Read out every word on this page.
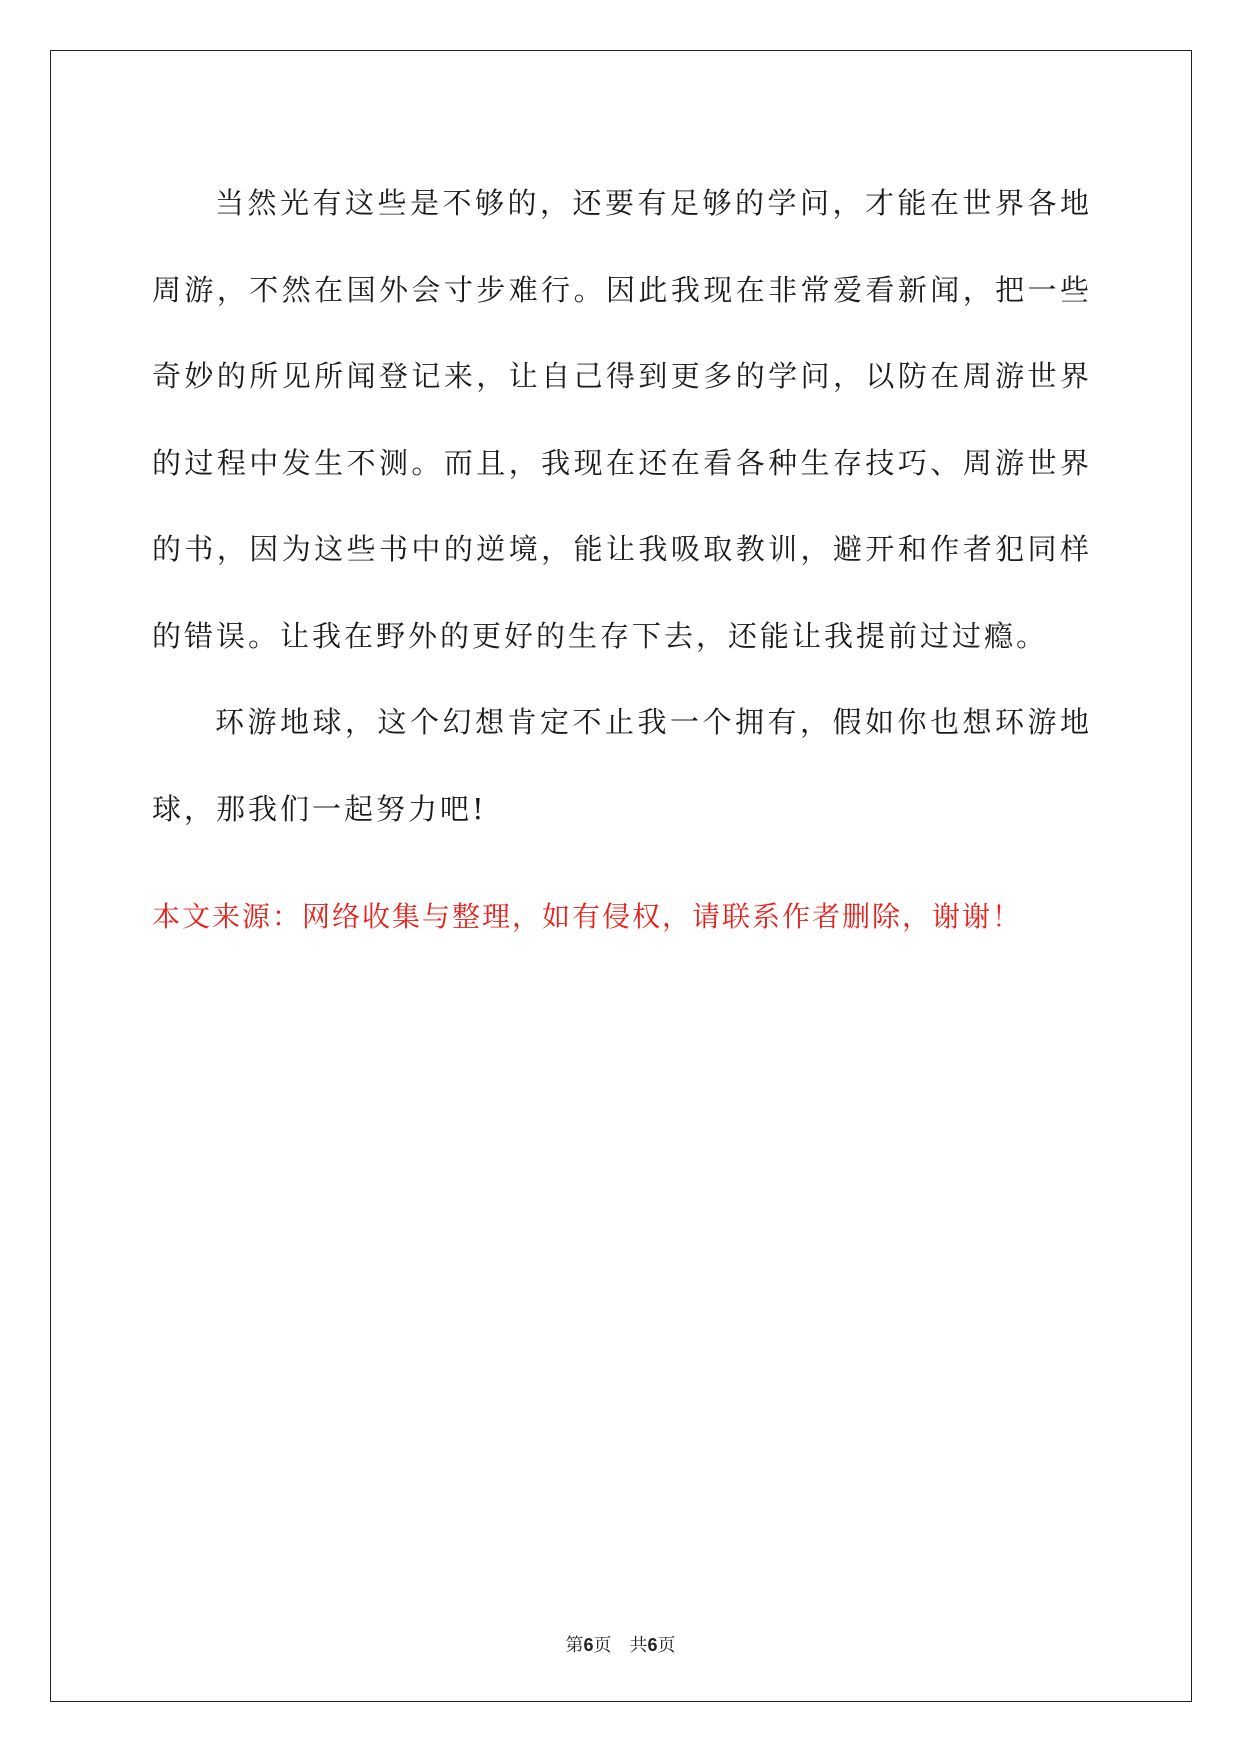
当然光有这些是不够的，还要有足够的学问，才能在世界各地周游，不然在国外会寸步难行。因此我现在非常爱看新闻，把一些奇妙的所见所闻登记来，让自己得到更多的学问，以防在周游世界的过程中发生不测。而且，我现在还在看各种生存技巧、周游世界的书，因为这些书中的逆境，能让我吸取教训，避开和作者犯同样的错误。让我在野外的更好的生存下去，还能让我提前过过瘾。

环游地球，这个幻想肯定不止我一个拥有，假如你也想环游地球，那我们一起努力吧!

本文来源：网络收集与整理，如有侵权，请联系作者删除，谢谢！

第6页 共6页
